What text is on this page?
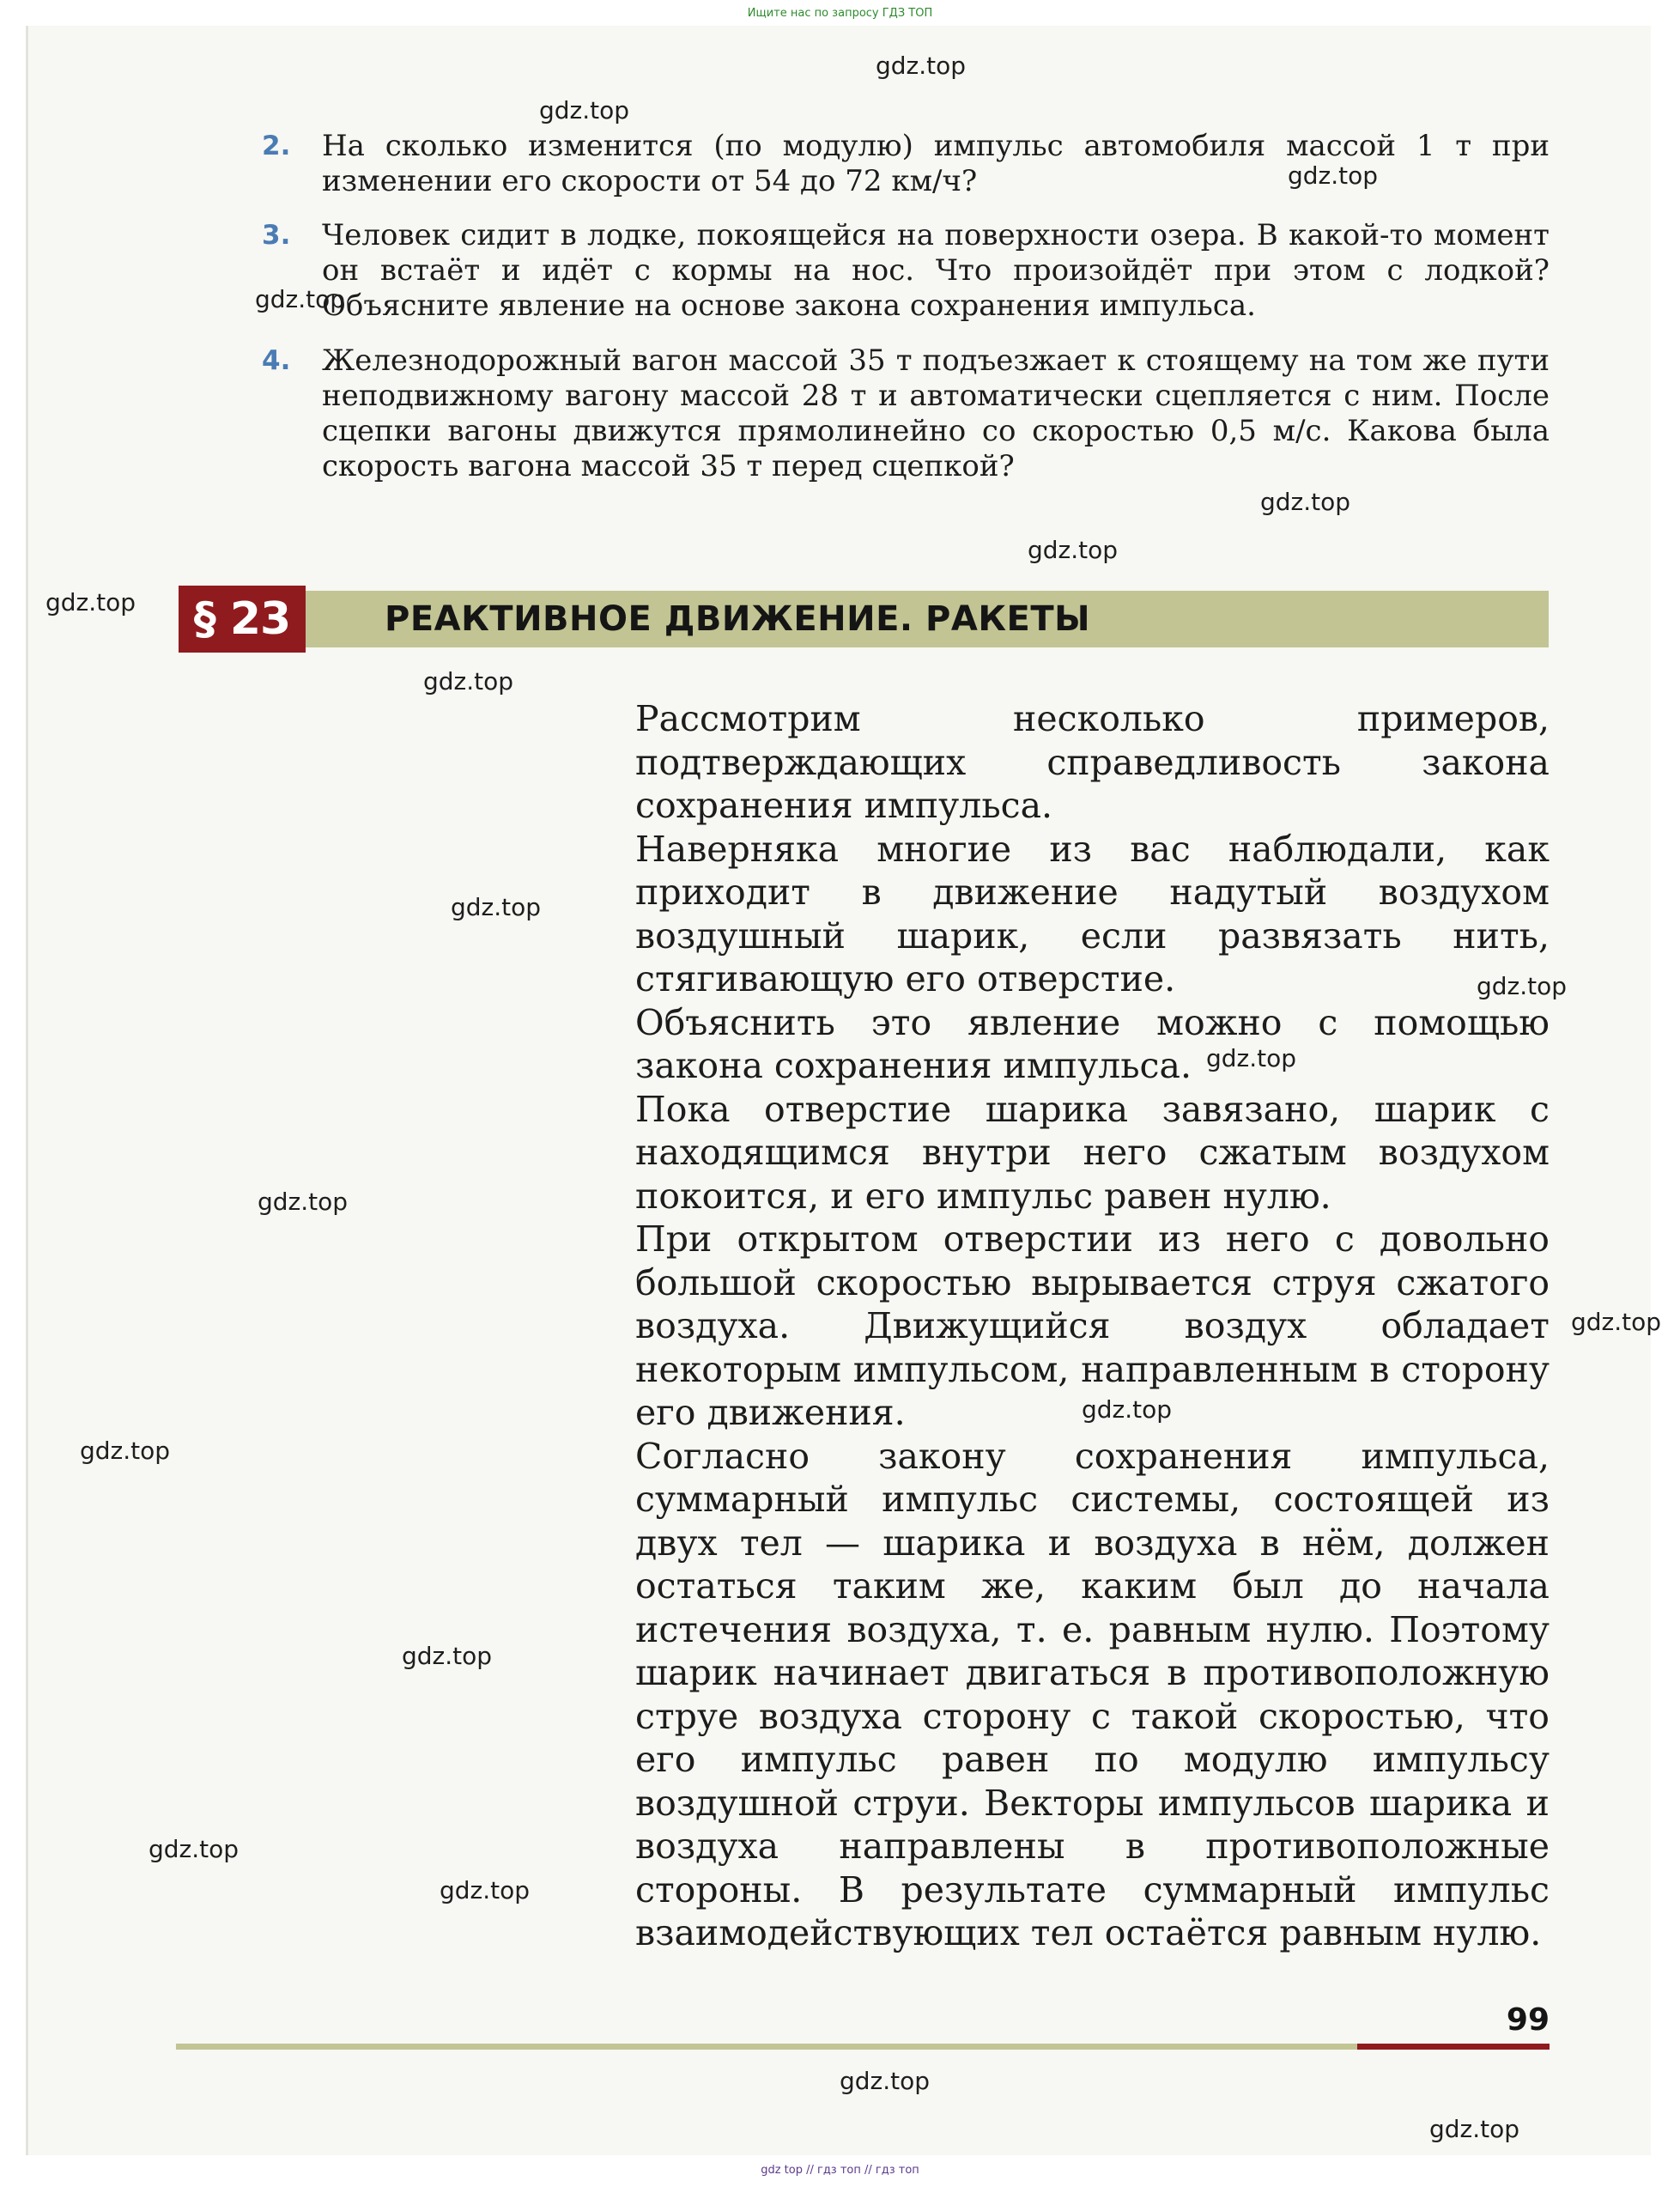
Ищите нас по запросу ГДЗ ТОП
2. На сколько изменится (по модулю) импульс автомобиля массой 1 т при изменении его скорости от 54 до 72 км/ч?
3. Человек сидит в лодке, покоящейся на поверхности озера. В какой-то момент он встаёт и идёт с кормы на нос. Что произойдёт при этом с лодкой? Объясните явление на основе закона сохранения импульса.
4. Железнодорожный вагон массой 35 т подъезжает к стоящему на том же пути неподвижному вагону массой 28 т и автоматически сцепляется с ним. После сцепки вагоны движутся прямолинейно со скоростью 0,5 м/с. Какова была скорость вагона массой 35 т перед сцепкой?
§ 23	РЕАКТИВНОЕ ДВИЖЕНИЕ. РАКЕТЫ

Рассмотрим несколько примеров, подтверждающих справедливость закона сохранения импульса.

Наверняка многие из вас наблюдали, как приходит в движение надутый воздухом воздушный шарик, если развязать нить, стягивающую его отверстие.

Объяснить это явление можно с помощью закона сохранения импульса.

Пока отверстие шарика завязано, шарик с находящимся внутри него сжатым воздухом покоится, и его импульс равен нулю.

При открытом отверстии из него с довольно большой скоростью вырывается струя сжатого воздуха. Движущийся воздух обладает некоторым импульсом, направленным в сторону его движения.

Согласно закону сохранения импульса, суммарный импульс системы, состоящей из двух тел — шарика и воздуха в нём, должен остаться таким же, каким был до начала истечения воздуха, т. е. равным нулю. Поэтому шарик начинает двигаться в противоположную струе воздуха сторону с такой скоростью, что его импульс равен по модулю импульсу воздушной струи. Векторы импульсов шарика и воздуха направлены в противоположные стороны. В результате суммарный импульс взаимодействующих тел остаётся равным нулю.

99
gdz.top
gdz.top
gdz.top
gdz.top
gdz.top
gdz.top
gdz.top
gdz.top
gdz.top
gdz.top
gdz.top
gdz.top
gdz.top
gdz.top
gdz.top
gdz.top
gdz.top
gdz.top
gdz.top
gdz.top
gdz top // гдз топ // гдз топ
